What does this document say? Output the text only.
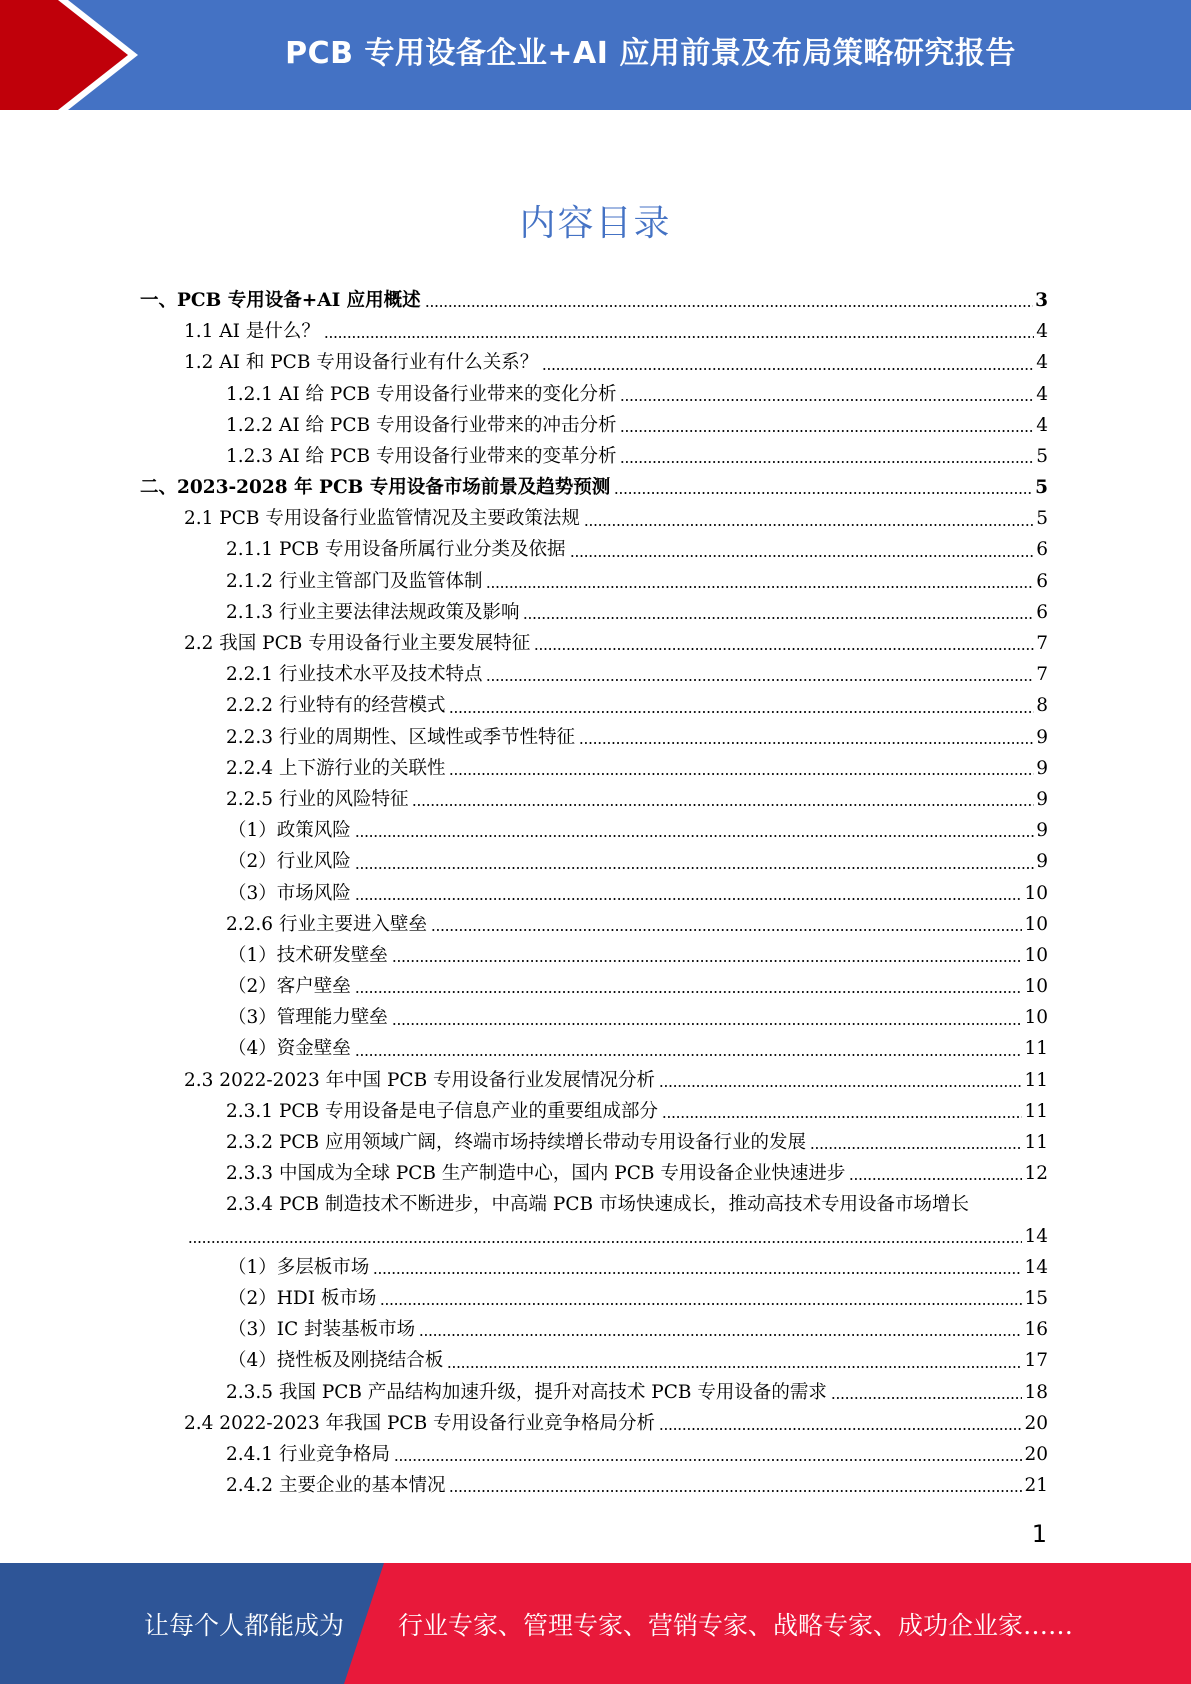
PCB 专用设备企业+AI 应用前景及布局策略研究报告
内容目录
一、PCB 专用设备+AI 应用概述	3
1.1 AI 是什么？	4
1.2 AI 和 PCB 专用设备行业有什么关系？	4
1.2.1 AI 给 PCB 专用设备行业带来的变化分析	4
1.2.2 AI 给 PCB 专用设备行业带来的冲击分析	4
1.2.3 AI 给 PCB 专用设备行业带来的变革分析	5
二、2023-2028 年 PCB 专用设备市场前景及趋势预测	5
2.1 PCB 专用设备行业监管情况及主要政策法规	5
2.1.1 PCB 专用设备所属行业分类及依据	6
2.1.2 行业主管部门及监管体制	6
2.1.3 行业主要法律法规政策及影响	6
2.2 我国 PCB 专用设备行业主要发展特征	7
2.2.1 行业技术水平及技术特点	7
2.2.2 行业特有的经营模式	8
2.2.3 行业的周期性、区域性或季节性特征	9
2.2.4 上下游行业的关联性	9
2.2.5 行业的风险特征	9
（1）政策风险	9
（2）行业风险	9
（3）市场风险	10
2.2.6 行业主要进入壁垒	10
（1）技术研发壁垒	10
（2）客户壁垒	10
（3）管理能力壁垒	10
（4）资金壁垒	11
2.3 2022-2023 年中国 PCB 专用设备行业发展情况分析	11
2.3.1 PCB 专用设备是电子信息产业的重要组成部分	11
2.3.2 PCB 应用领域广阔，终端市场持续增长带动专用设备行业的发展	11
2.3.3 中国成为全球 PCB 生产制造中心，国内 PCB 专用设备企业快速进步	12
2.3.4 PCB 制造技术不断进步，中高端 PCB 市场快速成长，推动高技术专用设备市场增长
14
（1）多层板市场	14
（2）HDI 板市场	15
（3）IC 封装基板市场	16
（4）挠性板及刚挠结合板	17
2.3.5 我国 PCB 产品结构加速升级，提升对高技术 PCB 专用设备的需求	18
2.4 2022-2023 年我国 PCB 专用设备行业竞争格局分析	20
2.4.1 行业竞争格局	20
2.4.2 主要企业的基本情况	21
1
让每个人都能成为 行业专家、管理专家、营销专家、战略专家、成功企业家……
